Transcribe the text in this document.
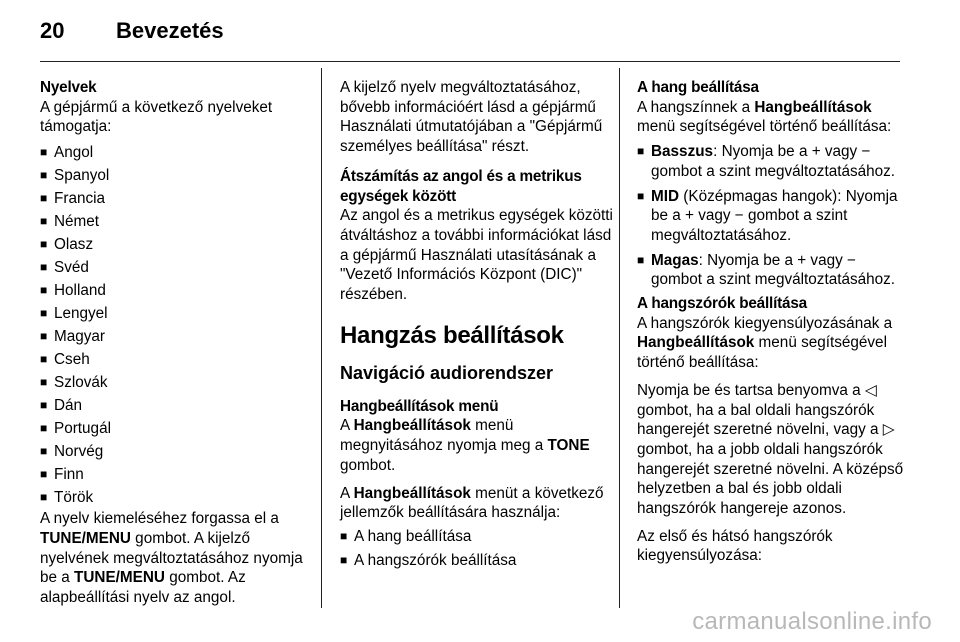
20	Bevezetés
Nyelvek
A gépjármű a következő nyelveket támogatja:
■ Angol
■ Spanyol
■ Francia
■ Német
■ Olasz
■ Svéd
■ Holland
■ Lengyel
■ Magyar
■ Cseh
■ Szlovák
■ Dán
■ Portugál
■ Norvég
■ Finn
■ Török
A nyelv kiemeléséhez forgassa el a TUNE/MENU gombot. A kijelző nyelvének megváltoztatásához nyomja be a TUNE/MENU gombot. Az alapbeállítási nyelv az angol.
A kijelző nyelv megváltoztatásához, bővebb információért lásd a gépjármű Használati útmutatójában a "Gépjármű személyes beállítása" részt.
Átszámítás az angol és a metrikus egységek között
Az angol és a metrikus egységek közötti átváltáshoz a további információkat lásd a gépjármű Használati utasításának a "Vezető Információs Központ (DIC)" részében.
Hangzás beállítások
Navigáció audiorendszer
Hangbeállítások menü
A Hangbeállítások menü megnyitásához nyomja meg a TONE gombot.
A Hangbeállítások menüt a következő jellemzők beállítására használja:
■ A hang beállítása
■ A hangszórók beállítása
A hang beállítása
A hangszínnek a Hangbeállítások menü segítségével történő beállítása:
■ Basszus: Nyomja be a + vagy − gombot a szint megváltoztatásához.
■ MID (Középmagas hangok): Nyomja be a + vagy − gombot a szint megváltoztatásához.
■ Magas: Nyomja be a + vagy − gombot a szint megváltoztatásához.
A hangszórók beállítása
A hangszórók kiegyensúlyozásának a Hangbeállítások menü segítségével történő beállítása:
Nyomja be és tartsa benyomva a ◁ gombot, ha a bal oldali hangszórók hangerejét szeretné növelni, vagy a ▷ gombot, ha a jobb oldali hangszórók hangerejét szeretné növelni. A középső helyzetben a bal és jobb oldali hangszórók hangereje azonos.
Az első és hátsó hangszórók kiegyensúlyozása:
carmanualsonline.info
